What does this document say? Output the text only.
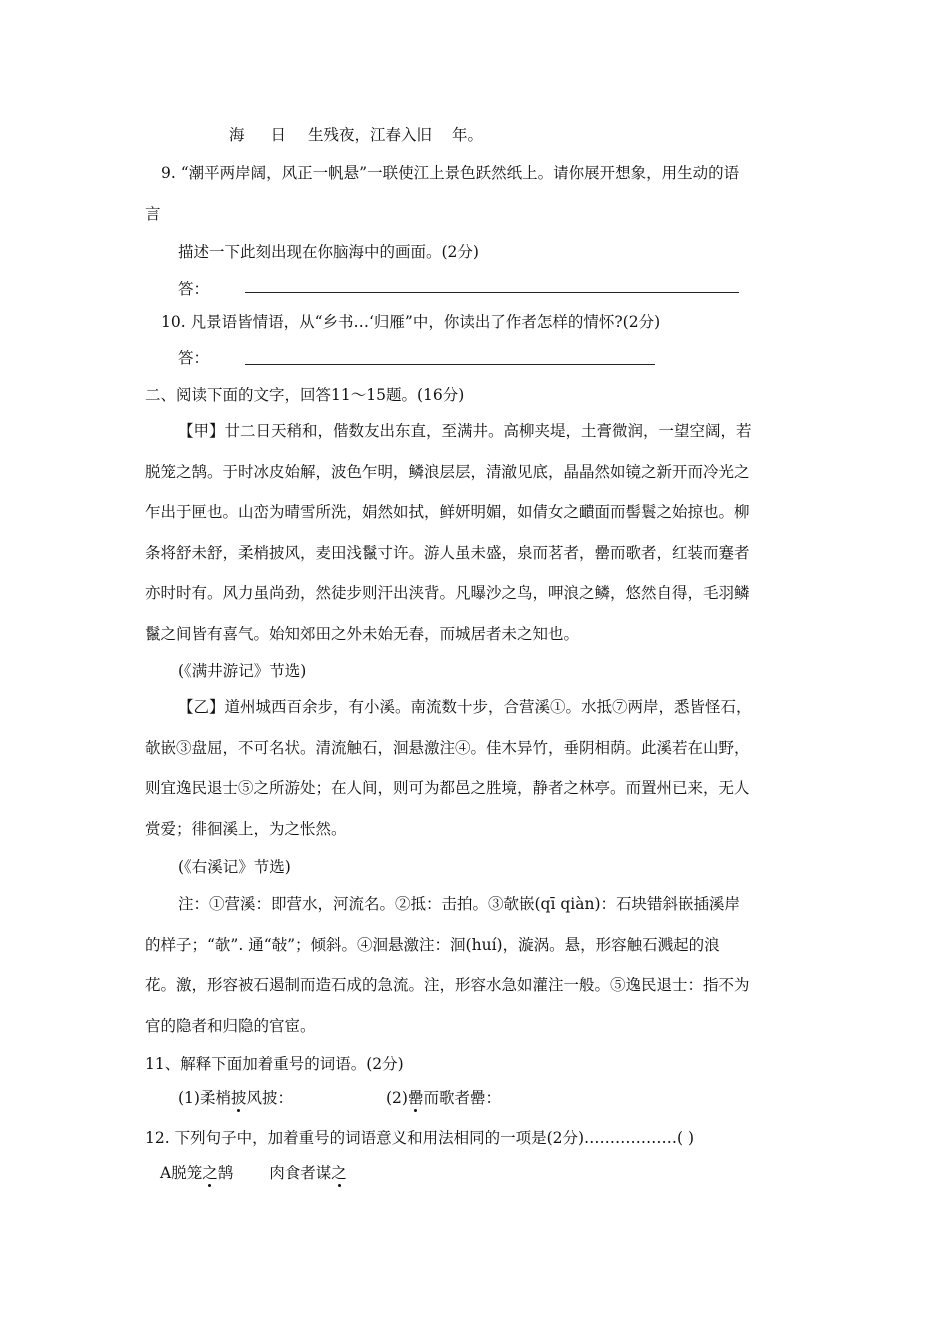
海 日 生残夜，江春入旧 年。
9. “潮平两岸阔，风正一帆悬”一联使江上景色跃然纸上。请你展开想象，用生动的语
言
描述一下此刻出现在你脑海中的画面。(2分)
答：
10. 凡景语皆情语，从“乡书…‘归雁”中，你读出了作者怎样的情怀?(2分)
答：
二、阅读下面的文字，回答11～15题。(16分)
【甲】廿二日天稍和，偕数友出东直，至满井。高柳夹堤，土膏微润，一望空阔，若
脱笼之鹄。于时冰皮始解，波色乍明，鳞浪层层，清澈见底，晶晶然如镜之新开而冷光之
乍出于匣也。山峦为晴雪所洗，娟然如拭，鲜妍明媚，如倩女之靧面而髻鬟之始掠也。柳
条将舒未舒，柔梢披风，麦田浅鬣寸许。游人虽未盛，泉而茗者，罍而歌者，红装而蹇者
亦时时有。风力虽尚劲，然徒步则汗出浃背。凡曝沙之鸟，呷浪之鳞，悠然自得，毛羽鳞
鬣之间皆有喜气。始知郊田之外未始无春，而城居者未之知也。
(《满井游记》节选)
【乙】道州城西百余步，有小溪。南流数十步，合营溪①。水抵⑦两岸，悉皆怪石，
欹嵌③盘屈，不可名状。清流触石，洄悬激注④。佳木异竹，垂阴相荫。此溪若在山野，
则宜逸民退士⑤之所游处；在人间，则可为都邑之胜境，静者之林亭。而置州已来，无人
赏爱；徘徊溪上，为之怅然。
(《右溪记》节选)
注：①营溪：即营水，河流名。②抵：击拍。③欹嵌(qī qiàn)：石块错斜嵌插溪岸
的样子；“欹”. 通“敧”；倾斜。④洄悬激注：洄(huí)，漩涡。悬，形容触石溅起的浪
花。激，形容被石遏制而造石成的急流。注，形容水急如灌注一般。⑤逸民退士：指不为
官的隐者和归隐的官宦。
11、解释下面加着重号的词语。(2分)
(1)柔梢披风披：	(2)罍而歌者罍：
12. 下列句子中，加着重号的词语意义和用法相同的一项是(2分)………………( )
A脱笼之鹄 肉食者谋之
